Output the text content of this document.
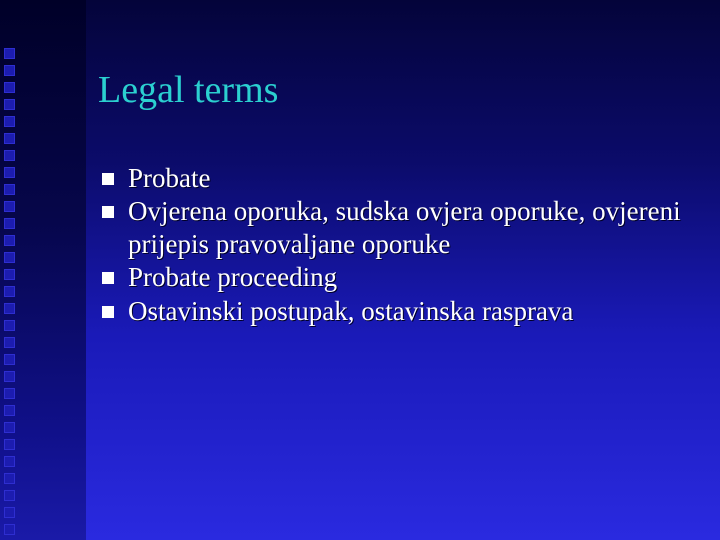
Legal terms
Probate
Ovjerena oporuka, sudska ovjera oporuke, ovjereni prijepis pravovaljane oporuke
Probate proceeding
Ostavinski postupak, ostavinska rasprava
